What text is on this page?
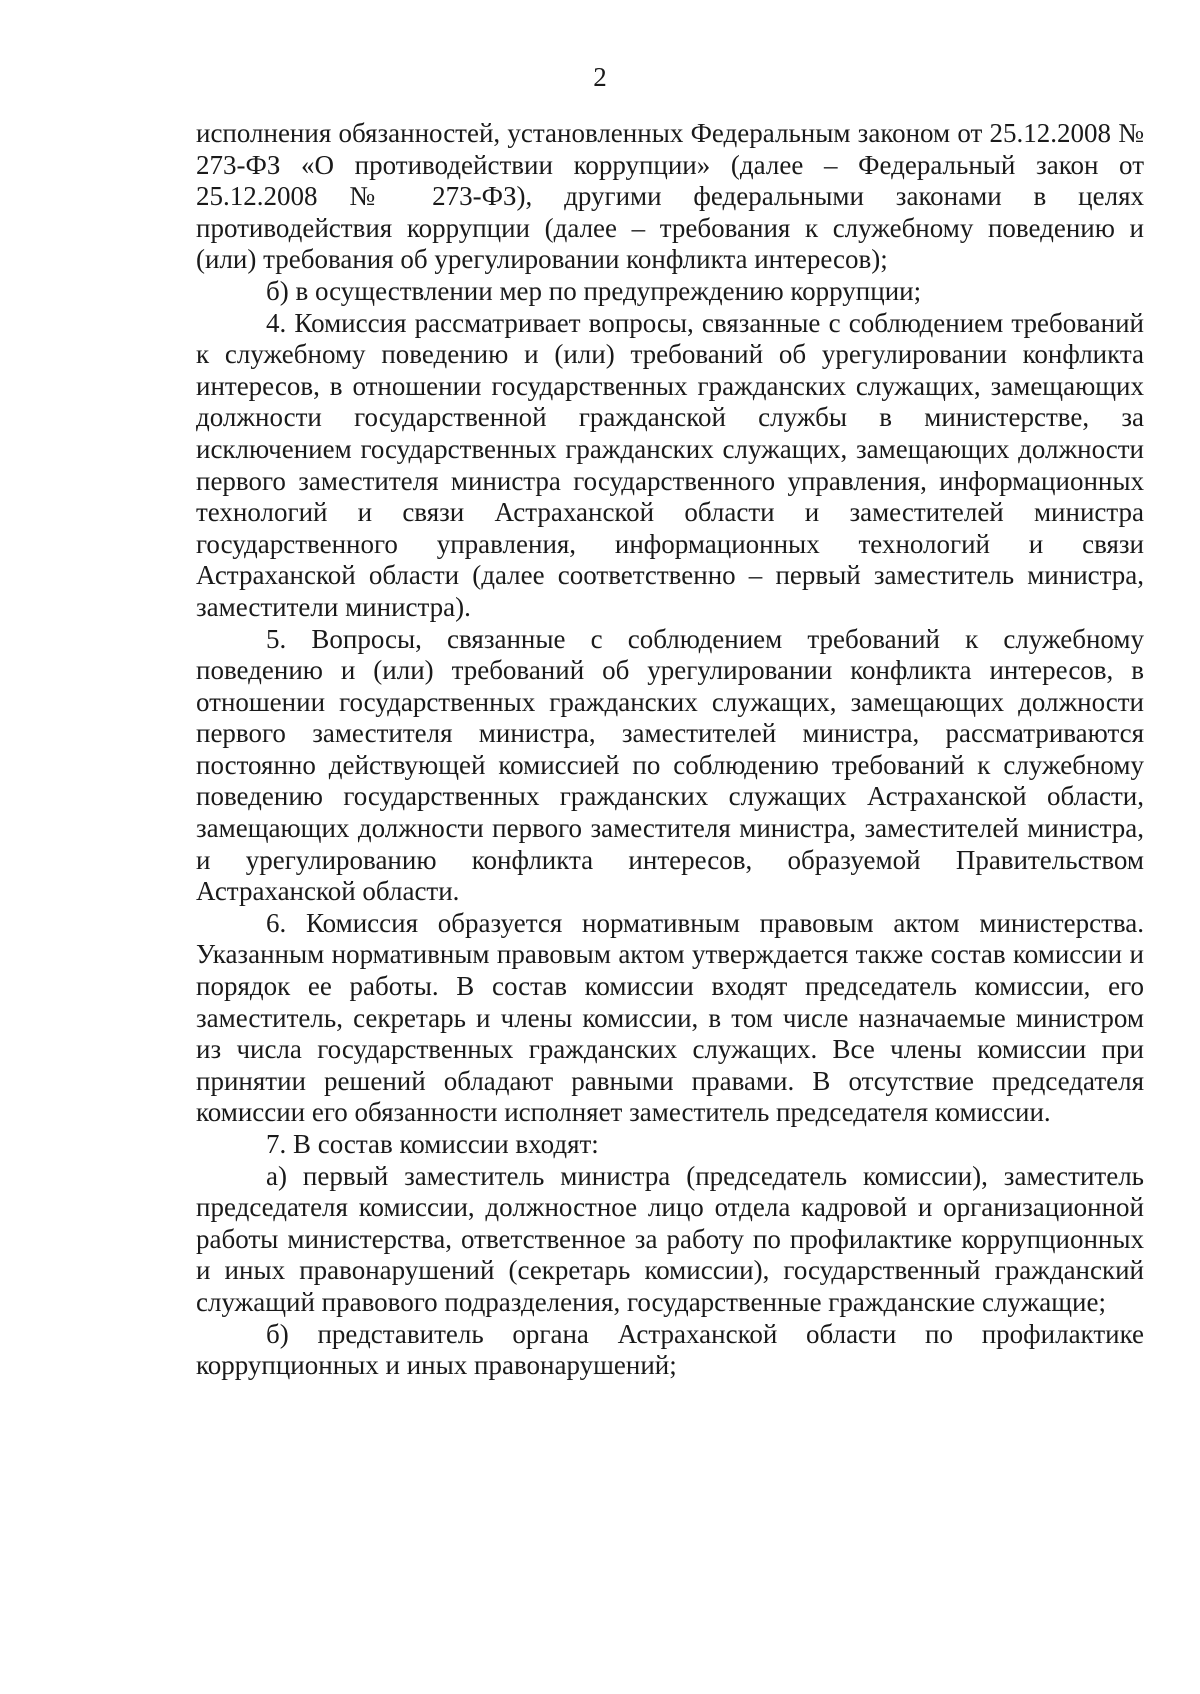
2

исполнения обязанностей, установленных Федеральным законом от 25.12.2008 № 273-ФЗ «О противодействии коррупции» (далее – Федеральный закон от 25.12.2008 № 273-ФЗ), другими федеральными законами в целях противодействия коррупции (далее – требования к служебному поведению и (или) требования об урегулировании конфликта интересов);

б) в осуществлении мер по предупреждению коррупции;

4. Комиссия рассматривает вопросы, связанные с соблюдением требований к служебному поведению и (или) требований об урегулировании конфликта интересов, в отношении государственных гражданских служащих, замещающих должности государственной гражданской службы в министерстве, за исключением государственных гражданских служащих, замещающих должности первого заместителя министра государственного управления, информационных технологий и связи Астраханской области и заместителей министра государственного управления, информационных технологий и связи Астраханской области (далее соответственно – первый заместитель министра, заместители министра).

5. Вопросы, связанные с соблюдением требований к служебному поведению и (или) требований об урегулировании конфликта интересов, в отношении государственных гражданских служащих, замещающих должности первого заместителя министра, заместителей министра, рассматриваются постоянно действующей комиссией по соблюдению требований к служебному поведению государственных гражданских служащих Астраханской области, замещающих должности первого заместителя министра, заместителей министра, и урегулированию конфликта интересов, образуемой Правительством Астраханской области.

6. Комиссия образуется нормативным правовым актом министерства. Указанным нормативным правовым актом утверждается также состав комиссии и порядок ее работы. В состав комиссии входят председатель комиссии, его заместитель, секретарь и члены комиссии, в том числе назначаемые министром из числа государственных гражданских служащих. Все члены комиссии при принятии решений обладают равными правами. В отсутствие председателя комиссии его обязанности исполняет заместитель председателя комиссии.

7. В состав комиссии входят:

а) первый заместитель министра (председатель комиссии), заместитель председателя комиссии, должностное лицо отдела кадровой и организационной работы министерства, ответственное за работу по профилактике коррупционных и иных правонарушений (секретарь комиссии), государственный гражданский служащий правового подразделения, государственные гражданские служащие;

б) представитель органа Астраханской области по профилактике коррупционных и иных правонарушений;
